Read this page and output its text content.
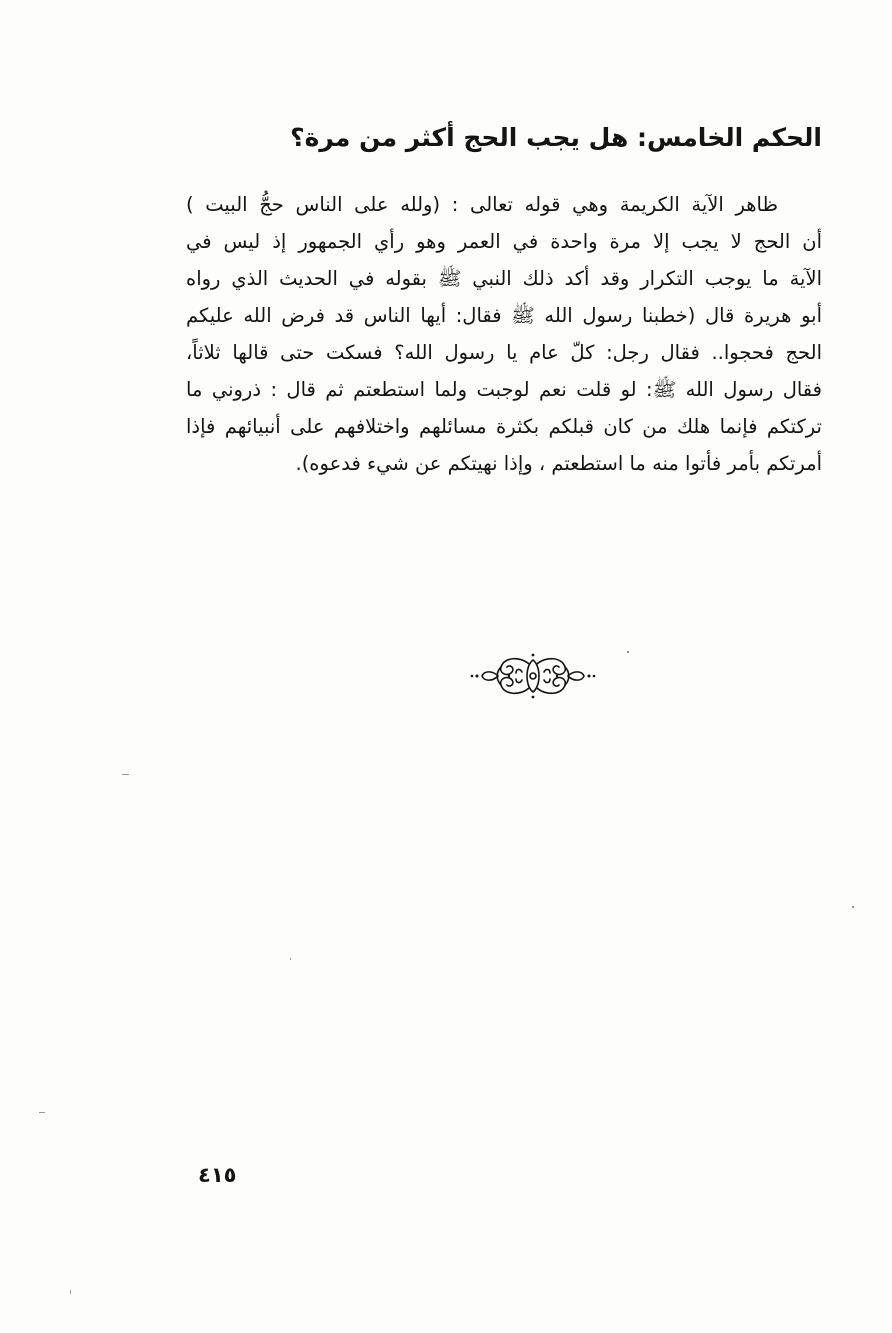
الحكم الخامس: هل يجب الحج أكثر من مرة؟
ظاهر الآية الكريمة وهي قوله تعالى : (ولله على الناس حجُّ البيت )
أن الحج لا يجب إلا مرة واحدة في العمر وهو رأي الجمهور إذ ليس في
الآية ما يوجب التكرار وقد أكد ذلك النبي ﷺ بقوله في الحديث الذي رواه
أبو هريرة قال (خطبنا رسول الله ﷺ فقال: أيها الناس قد فرض الله عليكم
الحج فحجوا.. فقال رجل: كلّ عام يا رسول الله؟ فسكت حتى قالها ثلاثاً،
فقال رسول الله ﷺ: لو قلت نعم لوجبت ولما استطعتم ثم قال : ذروني ما
تركتكم فإنما هلك من كان قبلكم بكثرة مسائلهم واختلافهم على أنبيائهم فإذا
أمرتكم بأمر فأتوا منه ما استطعتم ، وإذا نهيتكم عن شيء فدعوه).
٤١٥
